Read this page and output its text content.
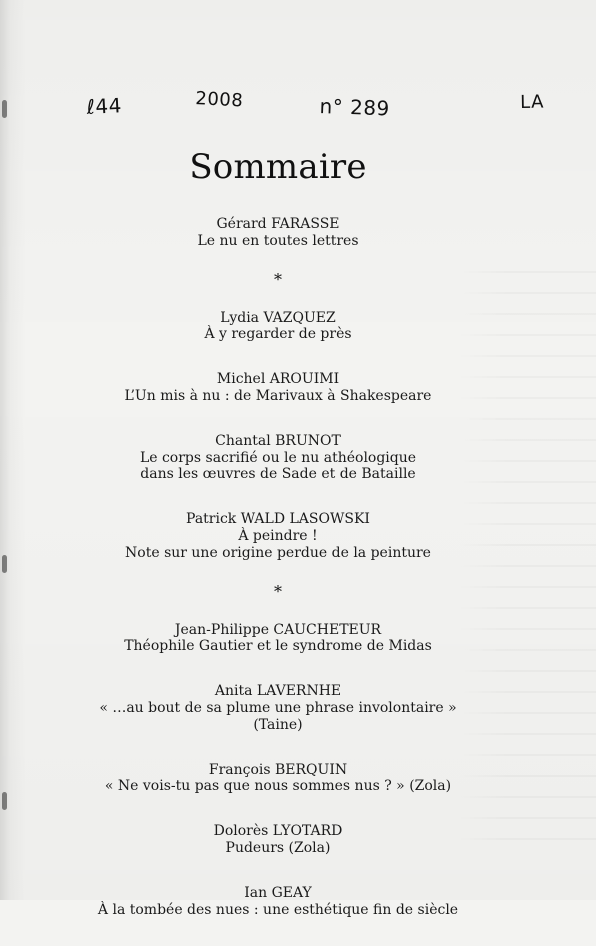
ℓ44	2008	n° 289	LA
Sommaire
Gérard FARASSE
Le nu en toutes lettres
*
Lydia VAZQUEZ
À y regarder de près
Michel AROUIMI
L’Un mis à nu : de Marivaux à Shakespeare
Chantal BRUNOT
Le corps sacrifié ou le nu athéologique
dans les œuvres de Sade et de Bataille
Patrick WALD LASOWSKI
À peindre !
Note sur une origine perdue de la peinture
*
Jean-Philippe CAUCHETEUR
Théophile Gautier et le syndrome de Midas
Anita LAVERNHE
« …au bout de sa plume une phrase involontaire » (Taine)
François BERQUIN
« Ne vois-tu pas que nous sommes nus ? » (Zola)
Dolorès LYOTARD
Pudeurs (Zola)
Ian GEAY
À la tombée des nues : une esthétique fin de siècle
